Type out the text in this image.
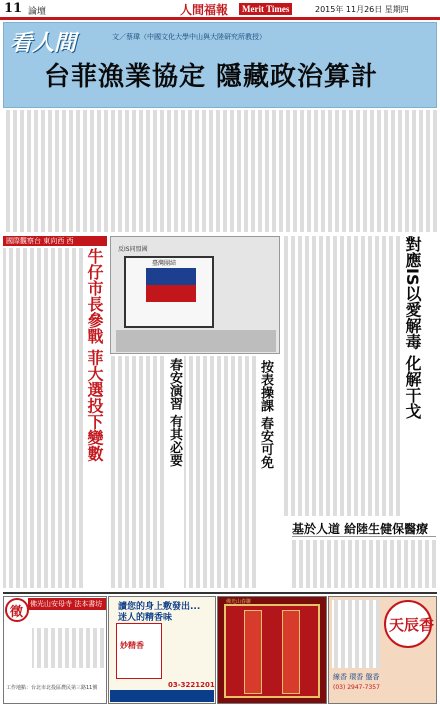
11 論壇	人間福報	Merit Times	2015年 11月26日 星期四
看人間	文／蔡瑋（中國文化大學中山與大陸研究所教授）
台菲漁業協定 隱藏政治算計
國際觀察台 東向西 西
牛仔市長參戰 菲大選投下變數 反IS同盟國
臺灣團結	對應IS以愛解毒 化解干戈
按表操課 春安可免
春安演習 有其必要
基於人道 給陸生健保醫療
徵
佛光山安母寺 法本書坊
工作地點：台北市北投區農民第三路11號
讀您的身上敷發出...
迷人的精香味
妙精香
03-3221201
佛光山春聯
天辰香
線香 環香 盤香
(03) 2947-7357
